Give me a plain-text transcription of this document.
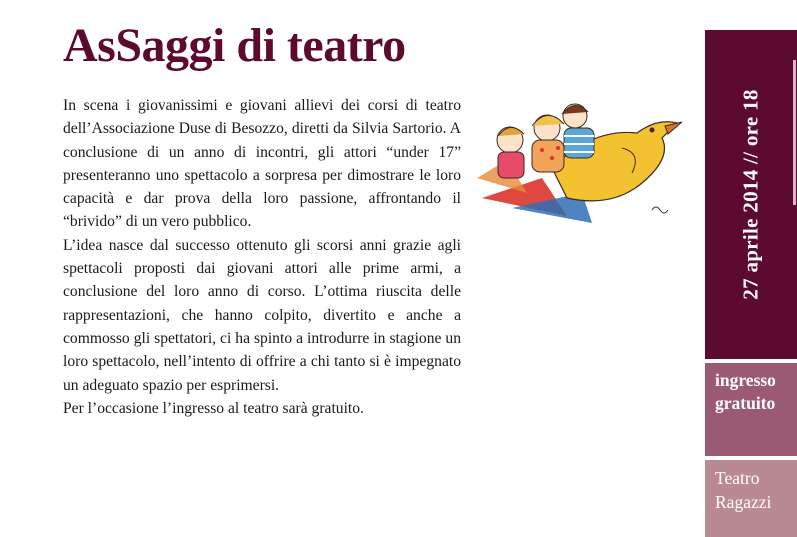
AsSaggi di teatro

In scena i giovanissimi e giovani allievi dei corsi di teatro dell’Associazione Duse di Besozzo, diretti da Silvia Sartorio. A conclusione di un anno di incontri, gli attori “under 17” presenteranno uno spettacolo a sorpresa per dimostrare le loro capacità e dar prova della loro passione, affrontando il “brivido” di un vero pubblico.

L’idea nasce dal successo ottenuto gli scorsi anni grazie agli spettacoli proposti dai giovani attori alle prime armi, a conclusione del loro anno di corso. L’ottima riuscita delle rappresentazioni, che hanno colpito, divertito e anche a commosso gli spettatori, ci ha spinto a introdurre in stagione un loro spettacolo, nell’intento di offrire a chi tanto si è impegnato un adeguato spazio per esprimersi.

Per l’occasione l’ingresso al teatro sarà gratuito.

27 aprile 2014 // ore 18

ingresso
gratuito

Teatro
Ragazzi
